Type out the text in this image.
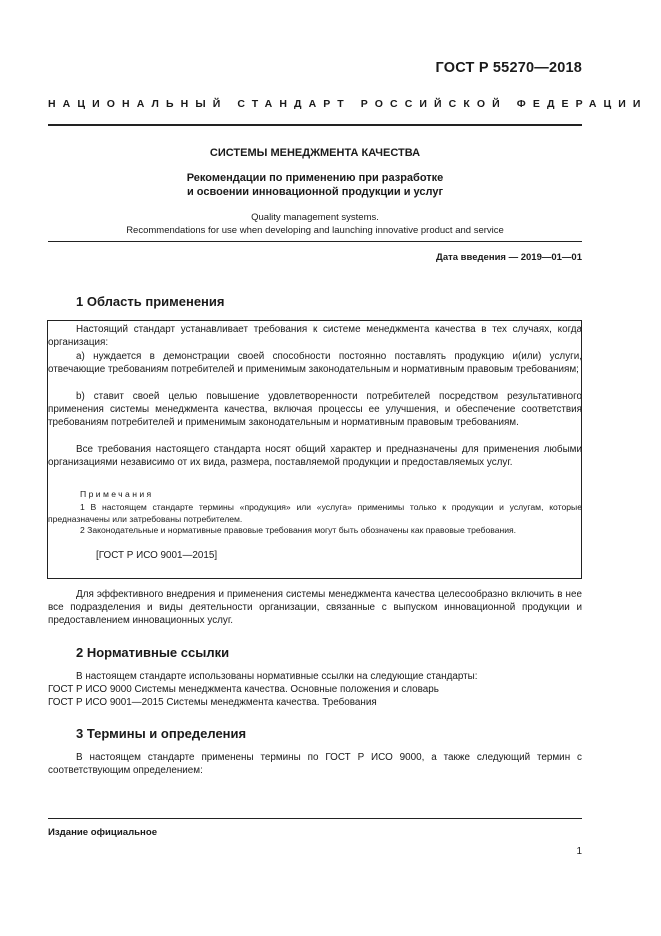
ГОСТ Р 55270—2018
НАЦИОНАЛЬНЫЙ СТАНДАРТ РОССИЙСКОЙ ФЕДЕРАЦИИ
СИСТЕМЫ МЕНЕДЖМЕНТА КАЧЕСТВА
Рекомендации по применению при разработке
и освоении инновационной продукции и услуг
Quality management systems.
Recommendations for use when developing and launching innovative product and service
Дата введения — 2019—01—01
1 Область применения
Настоящий стандарт устанавливает требования к системе менеджмента качества в тех случаях, когда организация:
а) нуждается в демонстрации своей способности постоянно поставлять продукцию и(или) услуги, отвечающие требованиям потребителей и применимым законодательным и нормативным правовым требованиям;
b) ставит своей целью повышение удовлетворенности потребителей посредством результативного применения системы менеджмента качества, включая процессы ее улучшения, и обеспечение соответствия требованиям потребителей и применимым законодательным и нормативным правовым требованиям.
Все требования настоящего стандарта носят общий характер и предназначены для применения любыми организациями независимо от их вида, размера, поставляемой продукции и предоставляемых услуг.
Примечания
1 В настоящем стандарте термины «продукция» или «услуга» применимы только к продукции и услугам, которые предназначены или затребованы потребителем.
2 Законодательные и нормативные правовые требования могут быть обозначены как правовые требования.
[ГОСТ Р ИСО 9001—2015]
Для эффективного внедрения и применения системы менеджмента качества целесообразно включить в нее все подразделения и виды деятельности организации, связанные с выпуском инновационной продукции и предоставлением инновационных услуг.
2 Нормативные ссылки
В настоящем стандарте использованы нормативные ссылки на следующие стандарты:
ГОСТ Р ИСО 9000 Системы менеджмента качества. Основные положения и словарь
ГОСТ Р ИСО 9001—2015 Системы менеджмента качества. Требования
3 Термины и определения
В настоящем стандарте применены термины по ГОСТ Р ИСО 9000, а также следующий термин с соответствующим определением:
Издание официальное
1
